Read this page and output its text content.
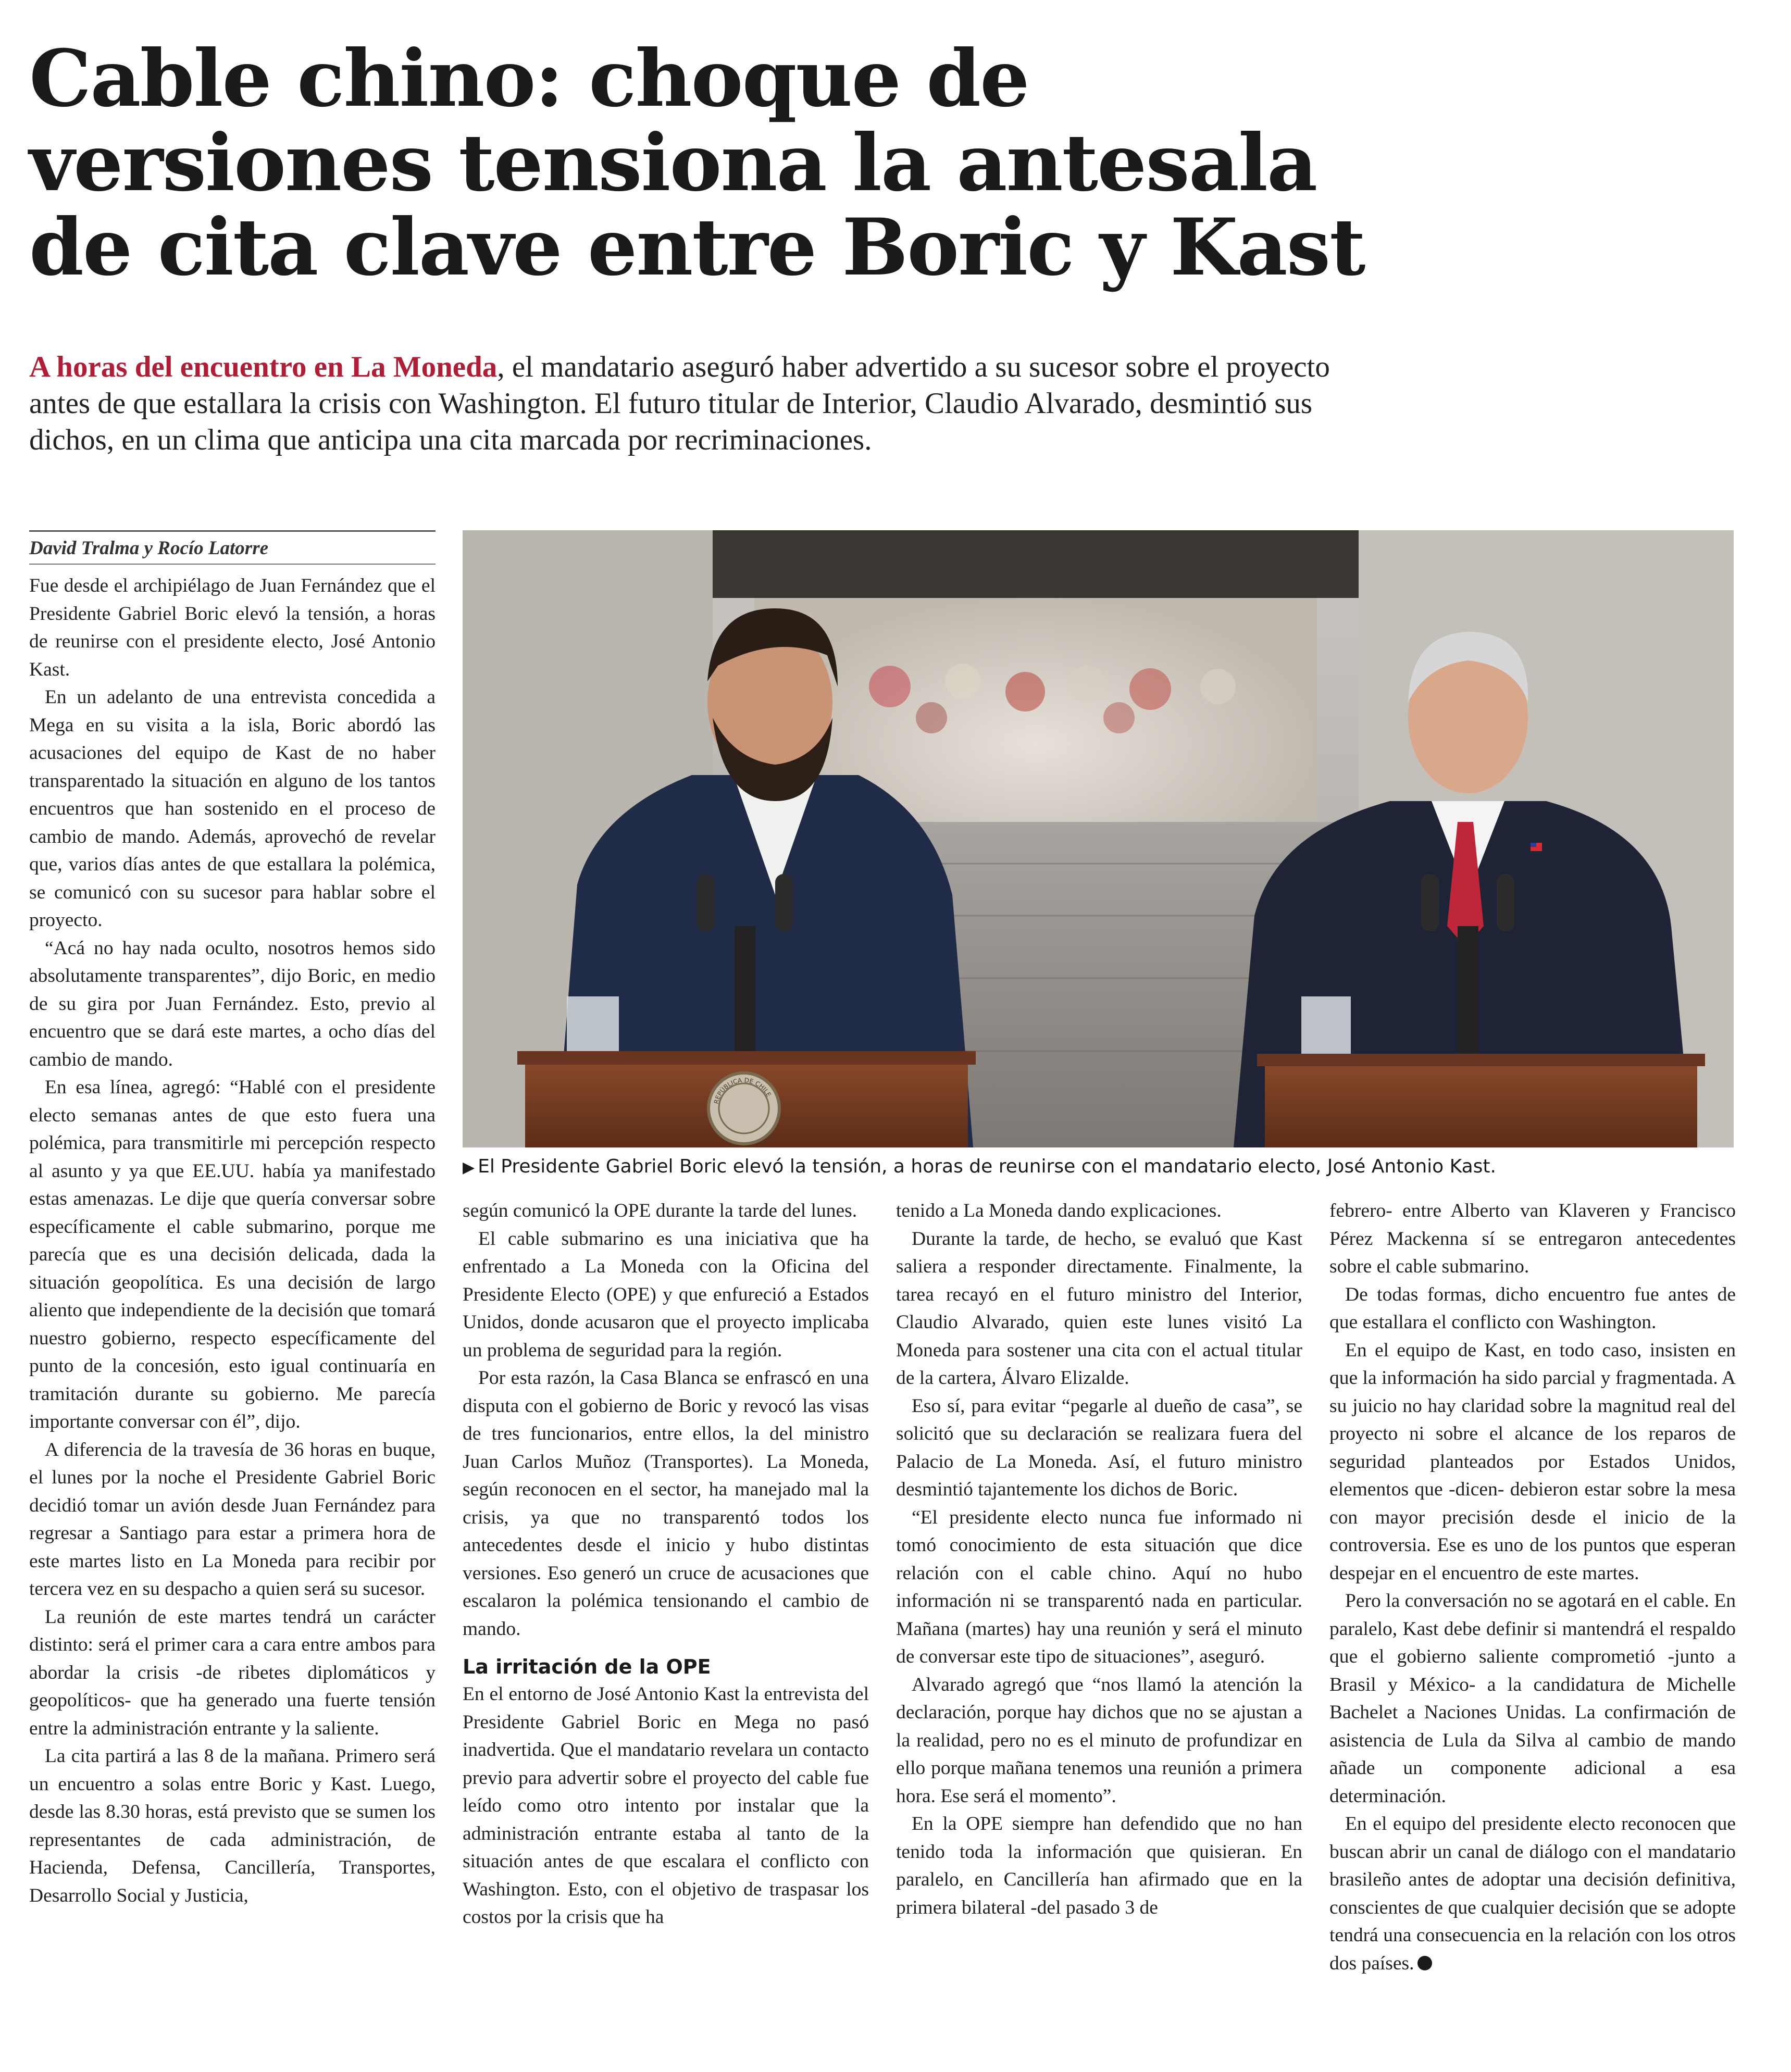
Cable chino: choque de
versiones tensiona la antesala
de cita clave entre Boric y Kast

A horas del encuentro en La Moneda, el mandatario aseguró haber advertido a su sucesor sobre el proyecto antes de que estallara la crisis con Washington. El futuro titular de Interior, Claudio Alvarado, desmintió sus dichos, en un clima que anticipa una cita marcada por recriminaciones.

David Tralma y Rocío Latorre

Fue desde el archipiélago de Juan Fernández que el Presidente Gabriel Boric elevó la tensión, a horas de reunirse con el presidente electo, José Antonio Kast.

En un adelanto de una entrevista concedida a Mega en su visita a la isla, Boric abordó las acusaciones del equipo de Kast de no haber transparentado la situación en alguno de los tantos encuentros que han sostenido en el proceso de cambio de mando. Además, aprovechó de revelar que, varios días antes de que estallara la polémica, se comunicó con su sucesor para hablar sobre el proyecto.

“Acá no hay nada oculto, nosotros hemos sido absolutamente transparentes”, dijo Boric, en medio de su gira por Juan Fernández. Esto, previo al encuentro que se dará este martes, a ocho días del cambio de mando.

En esa línea, agregó: “Hablé con el presidente electo semanas antes de que esto fuera una polémica, para transmitirle mi percepción respecto al asunto y ya que EE.UU. había ya manifestado estas amenazas. Le dije que quería conversar sobre específicamente el cable submarino, porque me parecía que es una decisión delicada, dada la situación geopolítica. Es una decisión de largo aliento que independiente de la decisión que tomará nuestro gobierno, respecto específicamente del punto de la concesión, esto igual continuaría en tramitación durante su gobierno. Me parecía importante conversar con él”, dijo.

A diferencia de la travesía de 36 horas en buque, el lunes por la noche el Presidente Gabriel Boric decidió tomar un avión desde Juan Fernández para regresar a Santiago para estar a primera hora de este martes listo en La Moneda para recibir por tercera vez en su despacho a quien será su sucesor.

La reunión de este martes tendrá un carácter distinto: será el primer cara a cara entre ambos para abordar la crisis -de ribetes diplomáticos y geopolíticos- que ha generado una fuerte tensión entre la administración entrante y la saliente.

La cita partirá a las 8 de la mañana. Primero será un encuentro a solas entre Boric y Kast. Luego, desde las 8.30 horas, está previsto que se sumen los representantes de cada administración, de Hacienda, Defensa, Cancillería, Transportes, Desarrollo Social y Justicia,

REPÚBLICA DE CHILE

▶ El Presidente Gabriel Boric elevó la tensión, a horas de reunirse con el mandatario electo, José Antonio Kast.

según comunicó la OPE durante la tarde del lunes.

El cable submarino es una iniciativa que ha enfrentado a La Moneda con la Oficina del Presidente Electo (OPE) y que enfureció a Estados Unidos, donde acusaron que el proyecto implicaba un problema de seguridad para la región.

Por esta razón, la Casa Blanca se enfrascó en una disputa con el gobierno de Boric y revocó las visas de tres funcionarios, entre ellos, la del ministro Juan Carlos Muñoz (Transportes). La Moneda, según reconocen en el sector, ha manejado mal la crisis, ya que no transparentó todos los antecedentes desde el inicio y hubo distintas versiones. Eso generó un cruce de acusaciones que escalaron la polémica tensionando el cambio de mando.

La irritación de la OPE

En el entorno de José Antonio Kast la entrevista del Presidente Gabriel Boric en Mega no pasó inadvertida. Que el mandatario revelara un contacto previo para advertir sobre el proyecto del cable fue leído como otro intento por instalar que la administración entrante estaba al tanto de la situación antes de que escalara el conflicto con Washington. Esto, con el objetivo de traspasar los costos por la crisis que ha

tenido a La Moneda dando explicaciones.

Durante la tarde, de hecho, se evaluó que Kast saliera a responder directamente. Finalmente, la tarea recayó en el futuro ministro del Interior, Claudio Alvarado, quien este lunes visitó La Moneda para sostener una cita con el actual titular de la cartera, Álvaro Elizalde.

Eso sí, para evitar “pegarle al dueño de casa”, se solicitó que su declaración se realizara fuera del Palacio de La Moneda. Así, el futuro ministro desmintió tajantemente los dichos de Boric.

“El presidente electo nunca fue informado ni tomó conocimiento de esta situación que dice relación con el cable chino. Aquí no hubo información ni se transparentó nada en particular. Mañana (martes) hay una reunión y será el minuto de conversar este tipo de situaciones”, aseguró.

Alvarado agregó que “nos llamó la atención la declaración, porque hay dichos que no se ajustan a la realidad, pero no es el minuto de profundizar en ello porque mañana tenemos una reunión a primera hora. Ese será el momento”.

En la OPE siempre han defendido que no han tenido toda la información que quisieran. En paralelo, en Cancillería han afirmado que en la primera bilateral -del pasado 3 de

febrero- entre Alberto van Klaveren y Francisco Pérez Mackenna sí se entregaron antecedentes sobre el cable submarino.

De todas formas, dicho encuentro fue antes de que estallara el conflicto con Washington.

En el equipo de Kast, en todo caso, insisten en que la información ha sido parcial y fragmentada. A su juicio no hay claridad sobre la magnitud real del proyecto ni sobre el alcance de los reparos de seguridad planteados por Estados Unidos, elementos que -dicen- debieron estar sobre la mesa con mayor precisión desde el inicio de la controversia. Ese es uno de los puntos que esperan despejar en el encuentro de este martes.

Pero la conversación no se agotará en el cable. En paralelo, Kast debe definir si mantendrá el respaldo que el gobierno saliente comprometió -junto a Brasil y México- a la candidatura de Michelle Bachelet a Naciones Unidas. La confirmación de asistencia de Lula da Silva al cambio de mando añade un componente adicional a esa determinación.

En el equipo del presidente electo reconocen que buscan abrir un canal de diálogo con el mandatario brasileño antes de adoptar una decisión definitiva, conscientes de que cualquier decisión que se adopte tendrá una consecuencia en la relación con los otros dos países.
